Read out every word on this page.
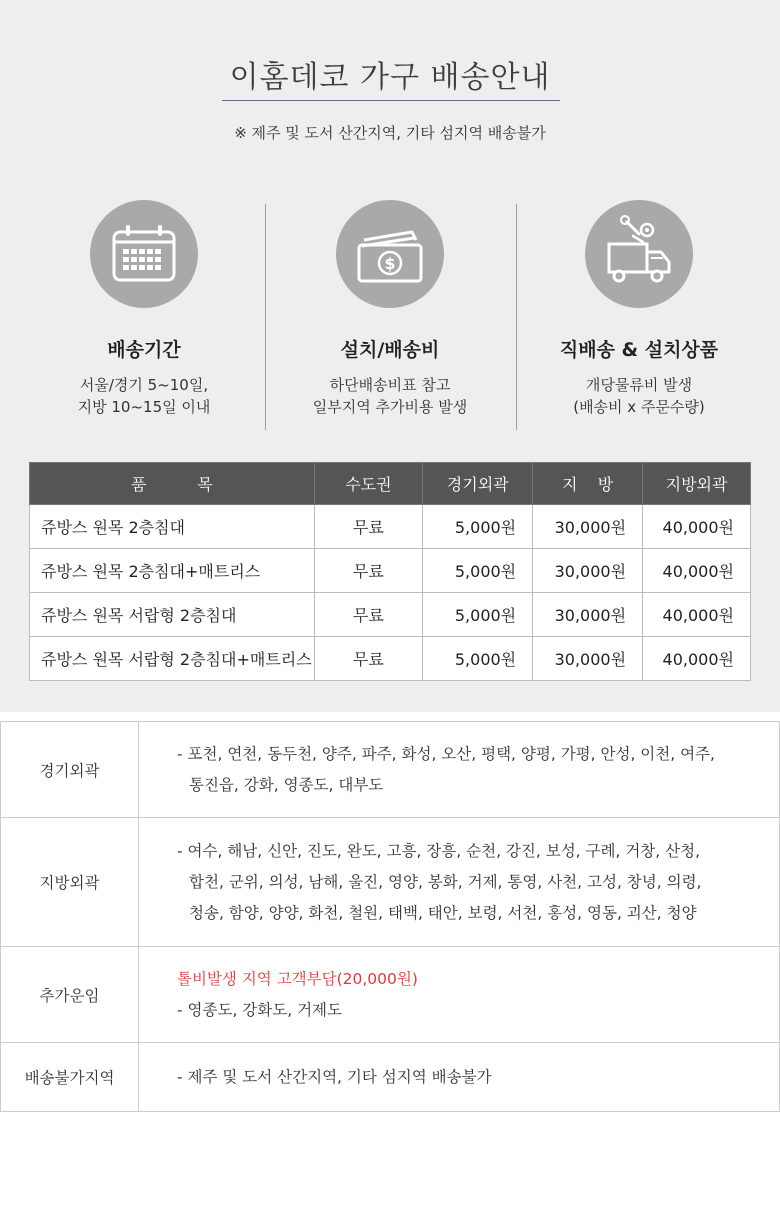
이홈데코 가구 배송안내
※ 제주 및 도서 산간지역, 기타 섬지역 배송불가
배송기간
서울/경기 5~10일,
지방 10~15일 이내
$
설치/배송비
하단배송비표 참고
일부지역 추가비용 발생
직배송 & 설치상품
개당물류비 발생
(배송비 x 주문수량)
품          목	수도권	경기외곽	지    방	지방외곽
쥬방스 원목 2층침대	무료	5,000원	30,000원	40,000원
쥬방스 원목 2층침대+매트리스	무료	5,000원	30,000원	40,000원
쥬방스 원목 서랍형 2층침대	무료	5,000원	30,000원	40,000원
쥬방스 원목 서랍형 2층침대+매트리스	무료	5,000원	30,000원	40,000원
경기외곽	- 포천, 연천, 동두천, 양주, 파주, 화성, 오산, 평택, 양평, 가평, 안성, 이천, 여주,
통진읍, 강화, 영종도, 대부도

지방외곽	- 여수, 해남, 신안, 진도, 완도, 고흥, 장흥, 순천, 강진, 보성, 구례, 거창, 산청,
합천, 군위, 의성, 남해, 울진, 영양, 봉화, 거제, 통영, 사천, 고성, 창녕, 의령,
청송, 함양, 양양, 화천, 철원, 태백, 태안, 보령, 서천, 홍성, 영동, 괴산, 청양

추가운임	톨비발생 지역 고객부담(20,000원)
- 영종도, 강화도, 거제도

배송불가지역	- 제주 및 도서 산간지역, 기타 섬지역 배송불가
